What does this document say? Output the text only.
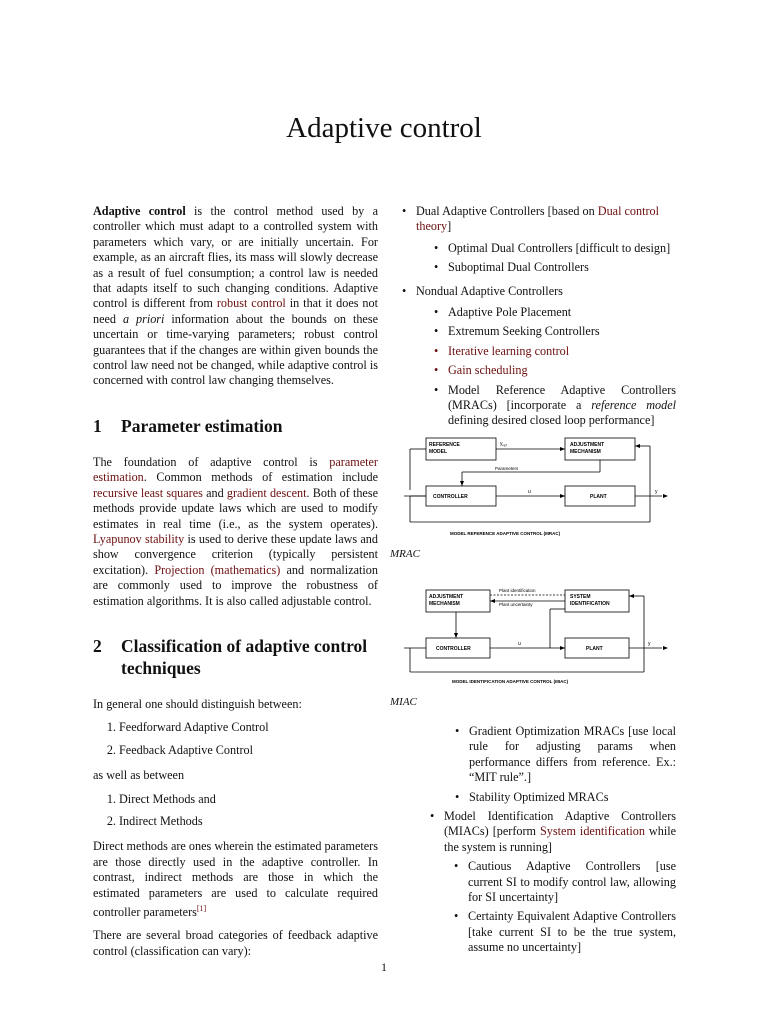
Adaptive control

Adaptive control is the control method used by a controller which must adapt to a controlled system with parameters which vary, or are initially uncertain. For example, as an aircraft flies, its mass will slowly decrease as a result of fuel consumption; a control law is needed that adapts itself to such changing conditions. Adaptive control is different from robust control in that it does not need a priori information about the bounds on these uncertain or time-varying parameters; robust control guarantees that if the changes are within given bounds the control law need not be changed, while adaptive control is concerned with control law changing themselves.

1 Parameter estimation

The foundation of adaptive control is parameter estimation. Common methods of estimation include recursive least squares and gradient descent. Both of these methods provide update laws which are used to modify estimates in real time (i.e., as the system operates). Lyapunov stability is used to derive these update laws and show convergence criterion (typically persistent excitation). Projection (mathematics) and normalization are commonly used to improve the robustness of estimation algorithms. It is also called adjustable control.

2 Classification of adaptive control
techniques

In general one should distinguish between:

1. Feedforward Adaptive Control
2. Feedback Adaptive Control

as well as between

1. Direct Methods and
2. Indirect Methods

Direct methods are ones wherein the estimated parameters are those directly used in the adaptive controller. In contrast, indirect methods are those in which the estimated parameters are used to calculate required controller parameters[1]

There are several broad categories of feedback adaptive control (classification can vary):

• Dual Adaptive Controllers [based on Dual control theory]
• Optimal Dual Controllers [difficult to design]
• Suboptimal Dual Controllers
• Nondual Adaptive Controllers
• Adaptive Pole Placement
• Extremum Seeking Controllers
• Iterative learning control
• Gain scheduling
• Model Reference Adaptive Controllers (MRACs) [incorporate a reference model defining desired closed loop performance]
REFERENCE
MODEL
ADJUSTMENT
MECHANISM
CONTROLLER	PLANT
$y_{ref}$
Parameters
u	y
MODEL REFERENCE ADAPTIVE CONTROL (MRAC)
MRAC
ADJUSTMENT
MECHANISM
SYSTEM
IDENTIFICATION
CONTROLLER	PLANT
Plant identification
Plant uncertainty
u	y
MODEL IDENTIFICATION ADAPTIVE CONTROL (MIAC)
MIAC
• Gradient Optimization MRACs [use local rule for adjusting params when performance differs from reference. Ex.: “MIT rule”.]
• Stability Optimized MRACs
• Model Identification Adaptive Controllers (MIACs) [perform System identification while the system is running]
• Cautious Adaptive Controllers [use current SI to modify control law, allowing for SI uncertainty]
• Certainty Equivalent Adaptive Controllers [take current SI to be the true system, assume no uncertainty]
1
